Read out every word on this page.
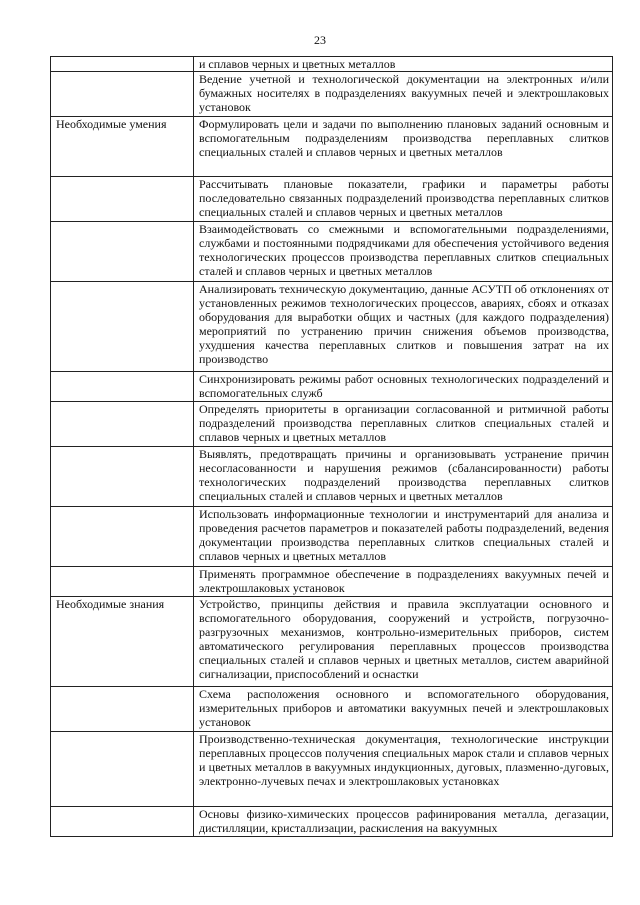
23
	и сплавов черных и цветных металлов
	Ведение учетной и технологической документации на электронных и/или бумажных носителях в подразделениях вакуумных печей и электрошлаковых установок
Необходимые умения	Формулировать цели и задачи по выполнению плановых заданий основным и вспомогательным подразделениям производства переплавных слитков специальных сталей и сплавов черных и цветных металлов
	Рассчитывать плановые показатели, графики и параметры работы последовательно связанных подразделений производства переплавных слитков специальных сталей и сплавов черных и цветных металлов
	Взаимодействовать со смежными и вспомогательными подразделениями, службами и постоянными подрядчиками для обеспечения устойчивого ведения технологических процессов производства переплавных слитков специальных сталей и сплавов черных и цветных металлов
	Анализировать техническую документацию, данные АСУТП об отклонениях от установленных режимов технологических процессов, авариях, сбоях и отказах оборудования для выработки общих и частных (для каждого подразделения) мероприятий по устранению причин снижения объемов производства, ухудшения качества переплавных слитков и повышения затрат на их производство
	Синхронизировать режимы работ основных технологических подразделений и вспомогательных служб
	Определять приоритеты в организации согласованной и ритмичной работы подразделений производства переплавных слитков специальных сталей и сплавов черных и цветных металлов
	Выявлять, предотвращать причины и организовывать устранение причин несогласованности и нарушения режимов (сбалансированности) работы технологических подразделений производства переплавных слитков специальных сталей и сплавов черных и цветных металлов
	Использовать информационные технологии и инструментарий для анализа и проведения расчетов параметров и показателей работы подразделений, ведения документации производства переплавных слитков специальных сталей и сплавов черных и цветных металлов
	Применять программное обеспечение в подразделениях вакуумных печей и электрошлаковых установок
Необходимые знания	Устройство, принципы действия и правила эксплуатации основного и вспомогательного оборудования, сооружений и устройств, погрузочно-разгрузочных механизмов, контрольно-измерительных приборов, систем автоматического регулирования переплавных процессов производства специальных сталей и сплавов черных и цветных металлов, систем аварийной сигнализации, приспособлений и оснастки
	Схема расположения основного и вспомогательного оборудования, измерительных приборов и автоматики вакуумных печей и электрошлаковых установок
	Производственно-техническая документация, технологические инструкции переплавных процессов получения специальных марок стали и сплавов черных и цветных металлов в вакуумных индукционных, дуговых, плазменно-дуговых, электронно-лучевых печах и электрошлаковых установках
	Основы физико-химических процессов рафинирования металла, дегазации, дистилляции, кристаллизации, раскисления на вакуумных
